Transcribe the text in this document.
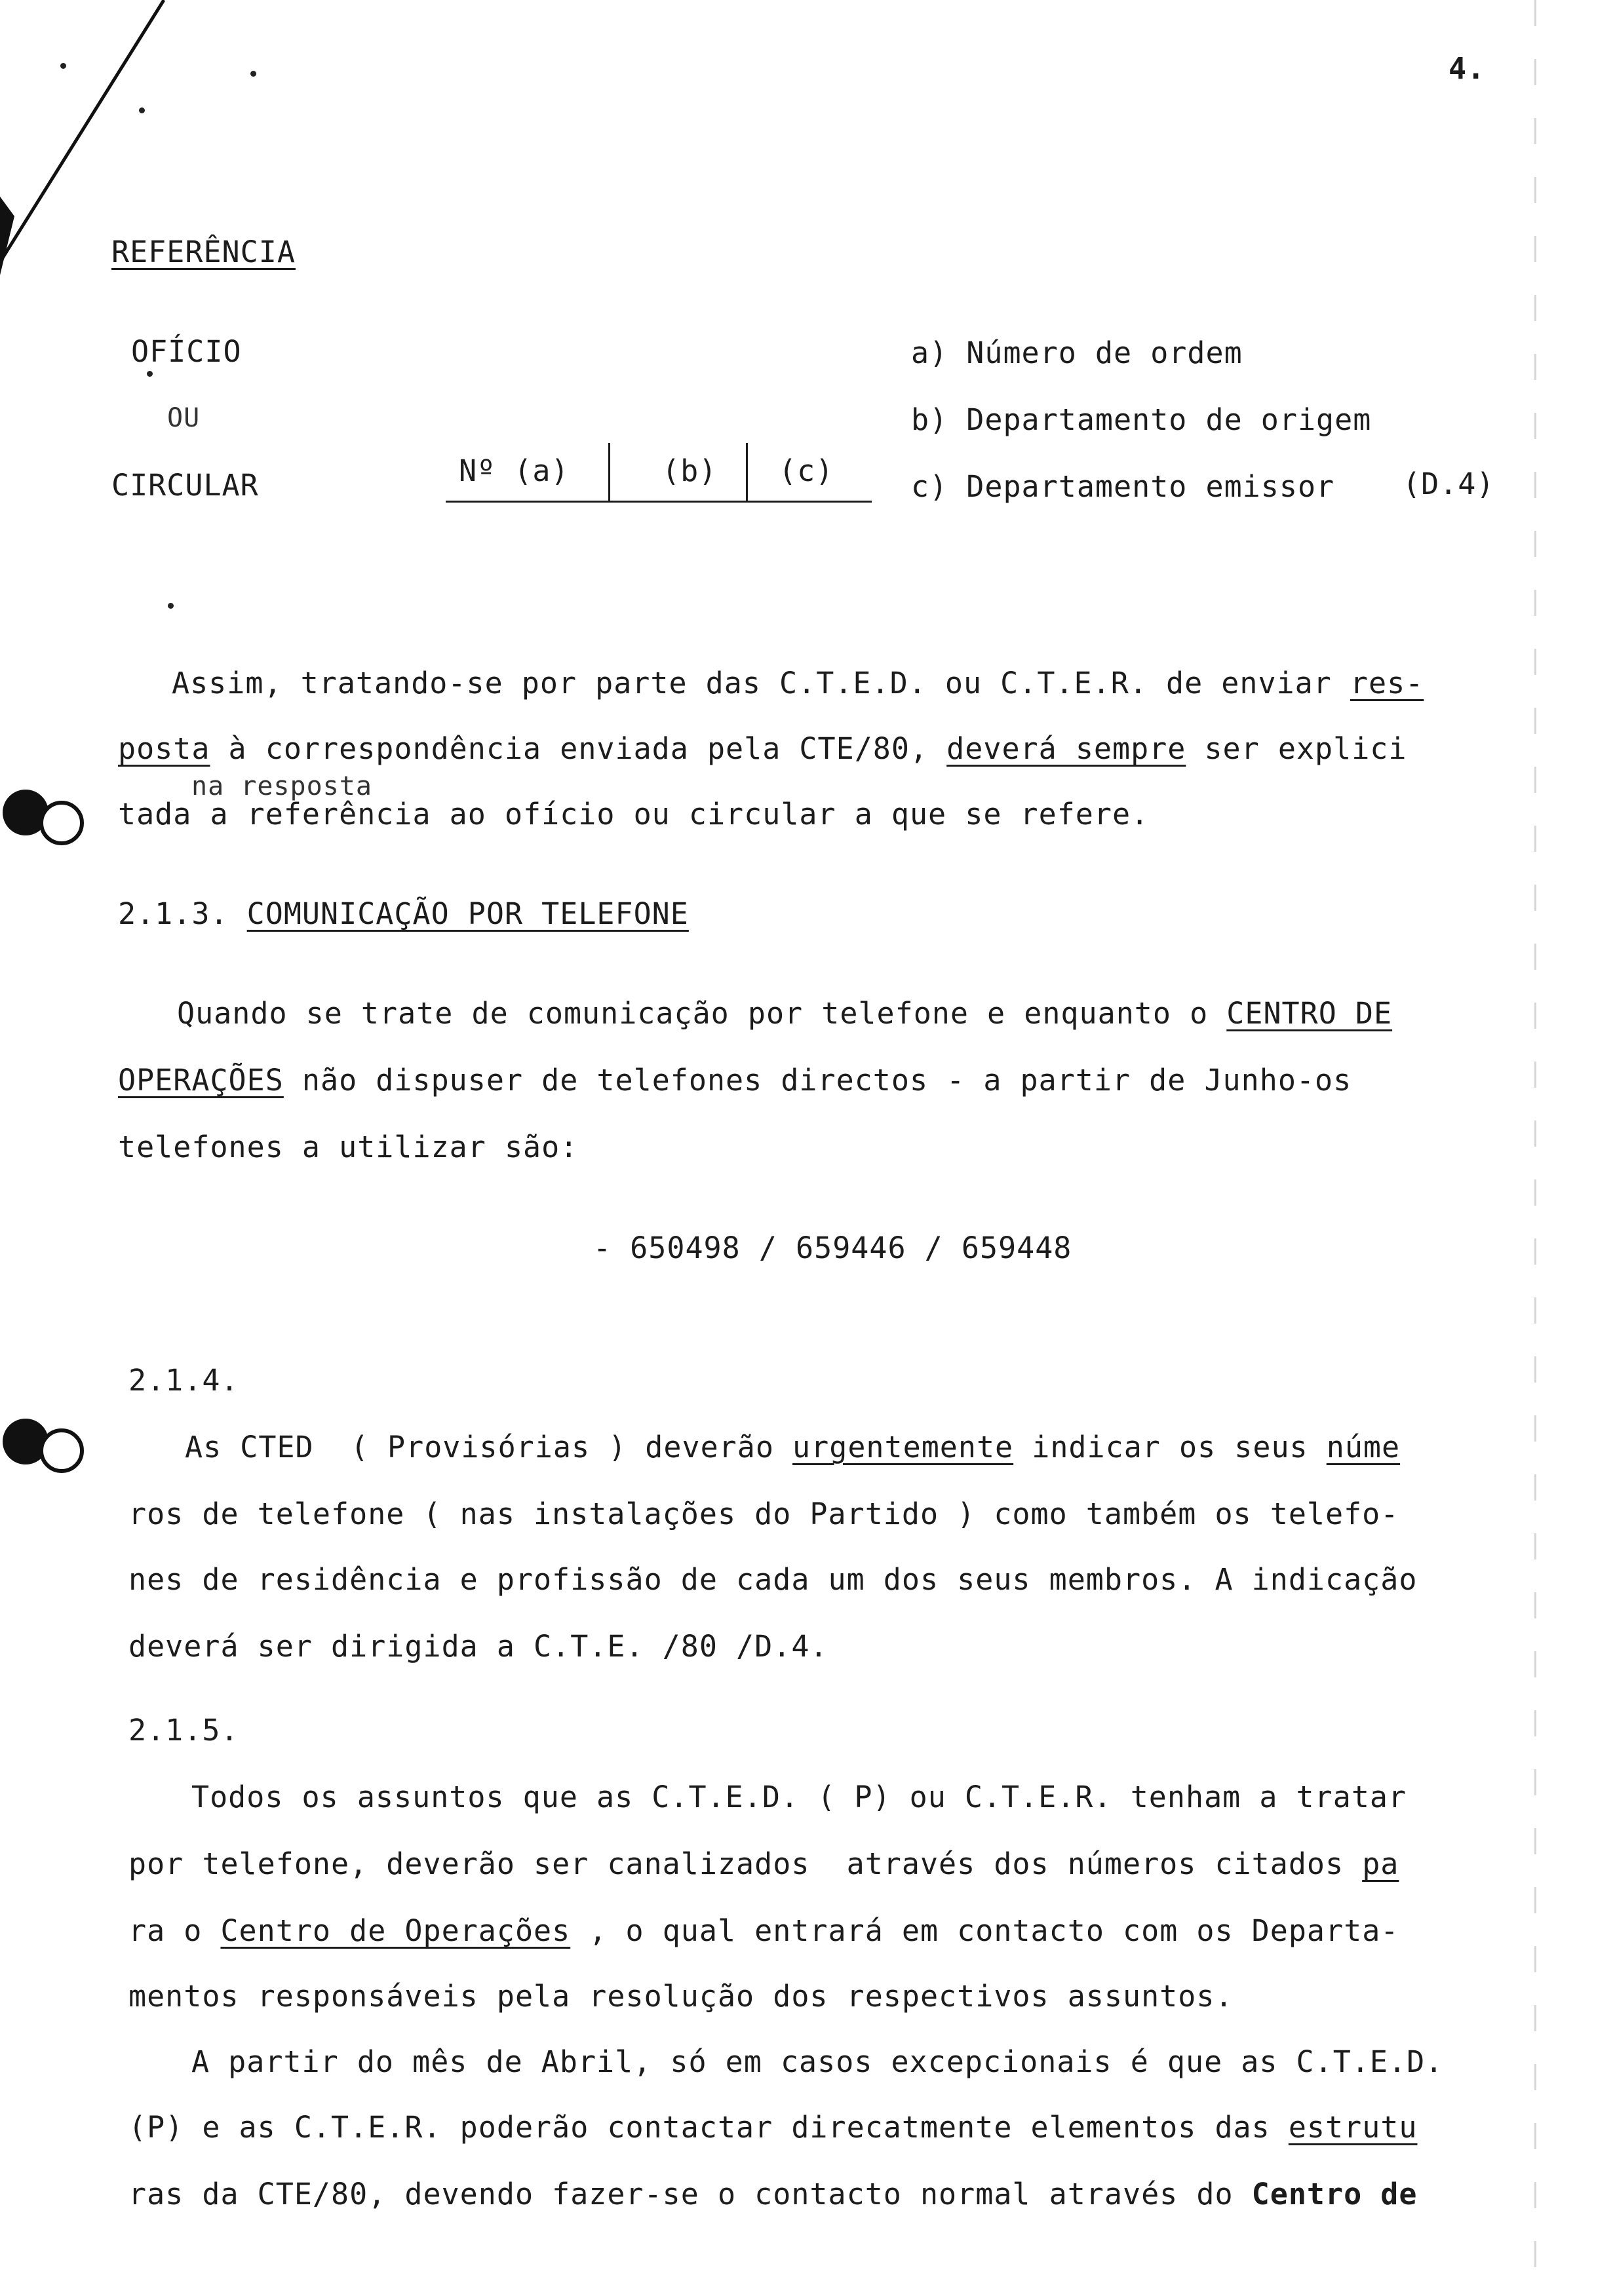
4.
REFERÊNCIA
OFÍCIO
OU
CIRCULAR	Nº (a)	(b) (c)
a) Número de ordem
b) Departamento de origem
c) Departamento emissor (D.4)
Assim, tratando-se por parte das C.T.E.D. ou C.T.E.R. de enviar res-
posta à correspondência enviada pela CTE/80, deverá sempre ser explici
na resposta
tada a referência ao ofício ou circular a que se refere.
2.1.3. COMUNICAÇÃO POR TELEFONE
Quando se trate de comunicação por telefone e enquanto o CENTRO DE
OPERAÇÕES não dispuser de telefones directos - a partir de Junho-os
telefones a utilizar são:
- 650498 / 659446 / 659448
2.1.4.
As CTED  ( Provisórias ) deverão urgentemente indicar os seus núme
ros de telefone ( nas instalações do Partido ) como também os telefo-
nes de residência e profissão de cada um dos seus membros. A indicação
deverá ser dirigida a C.T.E. /80 /D.4.
2.1.5.
Todos os assuntos que as C.T.E.D. ( P) ou C.T.E.R. tenham a tratar
por telefone, deverão ser canalizados  através dos números citados pa
ra o Centro de Operações , o qual entrará em contacto com os Departa-
mentos responsáveis pela resolução dos respectivos assuntos.
A partir do mês de Abril, só em casos excepcionais é que as C.T.E.D.
(P) e as C.T.E.R. poderão contactar direcatmente elementos das estrutu
ras da CTE/80, devendo fazer-se o contacto normal através do Centro de
